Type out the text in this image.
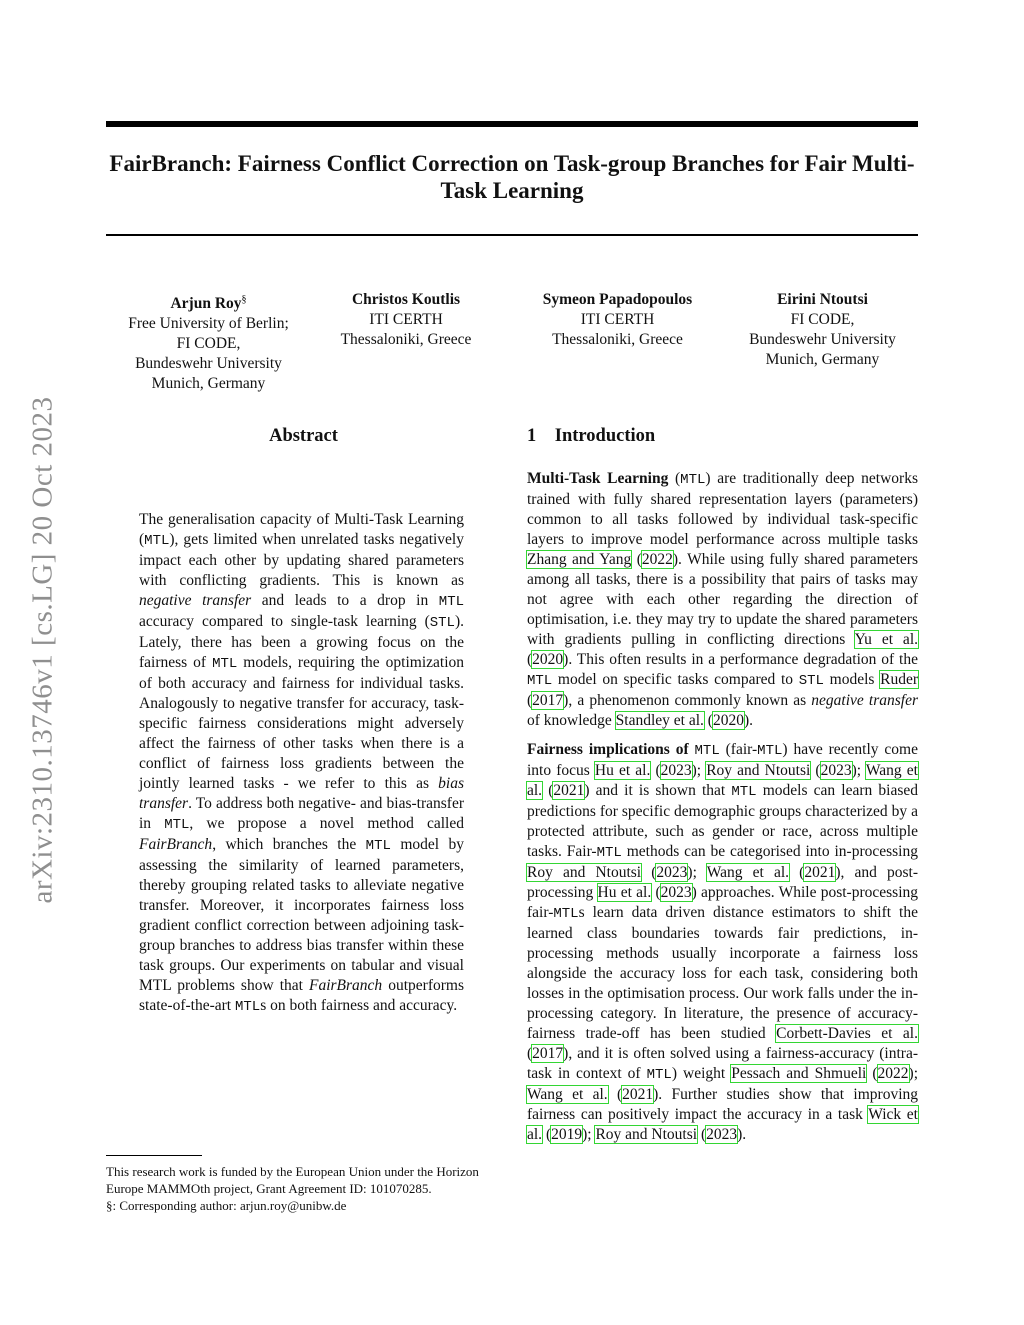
arXiv:2310.13746v1 [cs.LG] 20 Oct 2023
FairBranch: Fairness Conflict Correction on Task-group Branches for Fair Multi-Task Learning
Arjun Roy§
Free University of Berlin;
FI CODE,
Bundeswehr University
Munich, Germany
Christos Koutlis
ITI CERTH
Thessaloniki, Greece
Symeon Papadopoulos
ITI CERTH
Thessaloniki, Greece
Eirini Ntoutsi
FI CODE,
Bundeswehr University
Munich, Germany
Abstract
The generalisation capacity of Multi-Task Learning (MTL), gets limited when unrelated tasks negatively impact each other by updating shared parameters with conflicting gradients. This is known as negative transfer and leads to a drop in MTL accuracy compared to single-task learning (STL). Lately, there has been a growing focus on the fairness of MTL models, requiring the optimization of both accuracy and fairness for individual tasks. Analogously to negative transfer for accuracy, task-specific fairness considerations might adversely affect the fairness of other tasks when there is a conflict of fairness loss gradients between the jointly learned tasks - we refer to this as bias transfer. To address both negative- and bias-transfer in MTL, we propose a novel method called FairBranch, which branches the MTL model by assessing the similarity of learned parameters, thereby grouping related tasks to alleviate negative transfer. Moreover, it incorporates fairness loss gradient conflict correction between adjoining task-group branches to address bias transfer within these task groups. Our experiments on tabular and visual MTL problems show that FairBranch outperforms state-of-the-art MTLs on both fairness and accuracy.
1    Introduction

Multi-Task Learning (MTL) are traditionally deep networks trained with fully shared representation layers (parameters) common to all tasks followed by individual task-specific layers to improve model performance across multiple tasks Zhang and Yang (2022). While using fully shared parameters among all tasks, there is a possibility that pairs of tasks may not agree with each other regarding the direction of optimisation, i.e. they may try to update the shared parameters with gradients pulling in conflicting directions Yu et al. (2020). This often results in a performance degradation of the MTL model on specific tasks compared to STL models Ruder (2017), a phenomenon commonly known as negative transfer of knowledge Standley et al. (2020).

Fairness implications of MTL (fair-MTL) have recently come into focus Hu et al. (2023); Roy and Ntoutsi (2023); Wang et al. (2021) and it is shown that MTL models can learn biased predictions for specific demographic groups characterized by a protected attribute, such as gender or race, across multiple tasks. Fair-MTL methods can be categorised into in-processing Roy and Ntoutsi (2023); Wang et al. (2021), and post-processing Hu et al. (2023) approaches. While post-processing fair-MTLs learn data driven distance estimators to shift the learned class boundaries towards fair predictions, in-processing methods usually incorporate a fairness loss alongside the accuracy loss for each task, considering both losses in the optimisation process. Our work falls under the in-processing category. In literature, the presence of accuracy-fairness trade-off has been studied Corbett-Davies et al. (2017), and it is often solved using a fairness-accuracy (intra-task in context of MTL) weight Pessach and Shmueli (2022); Wang et al. (2021). Further studies show that improving fairness can positively impact the accuracy in a task Wick et al. (2019); Roy and Ntoutsi (2023).

This research work is funded by the European Union under the Horizon Europe MAMMOth project, Grant Agreement ID: 101070285.

§: Corresponding author: arjun.roy@unibw.de
